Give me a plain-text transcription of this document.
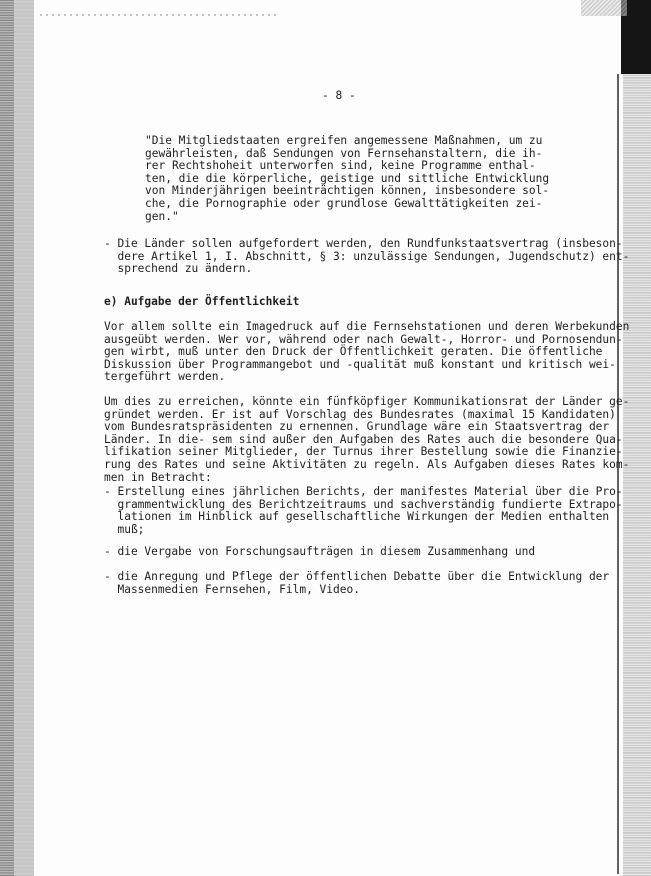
- 8 -

"Die Mitgliedstaaten ergreifen angemessene Maßnahmen, um zu
gewährleisten, daß Sendungen von Fernsehanstaltern, die ih-
rer Rechtshoheit unterworfen sind, keine Programme enthal-
ten, die die körperliche, geistige und sittliche Entwicklung
von Minderjährigen beeinträchtigen können, insbesondere sol-
che, die Pornographie oder grundlose Gewalttätigkeiten zei-
gen."

- Die Länder sollen aufgefordert werden, den Rundfunkstaatsvertrag (insbeson-
dere Artikel 1, I. Abschnitt, § 3: unzulässige Sendungen, Jugendschutz) ent-
sprechend zu ändern.

e) Aufgabe der Öffentlichkeit

Vor allem sollte ein Imagedruck auf die Fernsehstationen und deren Werbekunden
ausgeübt werden. Wer vor, während oder nach Gewalt-, Horror- und Pornosendun-
gen wirbt, muß unter den Druck der Öffentlichkeit geraten. Die öffentliche
Diskussion über Programmangebot und -qualität muß konstant und kritisch wei-
tergeführt werden.

Um dies zu erreichen, könnte ein fünfköpfiger Kommunikationsrat der Länder ge-
gründet werden. Er ist auf Vorschlag des Bundesrates (maximal 15 Kandidaten)
vom Bundesratspräsidenten zu ernennen. Grundlage wäre ein Staatsvertrag der
Länder. In die- sem sind außer den Aufgaben des Rates auch die besondere Qua-
lifikation seiner Mitglieder, der Turnus ihrer Bestellung sowie die Finanzie-
rung des Rates und seine Aktivitäten zu regeln. Als Aufgaben dieses Rates kom-
men in Betracht:

- Erstellung eines jährlichen Berichts, der manifestes Material über die Pro-
grammentwicklung des Berichtzeitraums und sachverständig fundierte Extrapo-
lationen im Hinblick auf gesellschaftliche Wirkungen der Medien enthalten
muß;

- die Vergabe von Forschungsaufträgen in diesem Zusammenhang und

- die Anregung und Pflege der öffentlichen Debatte über die Entwicklung der
Massenmedien Fernsehen, Film, Video.
